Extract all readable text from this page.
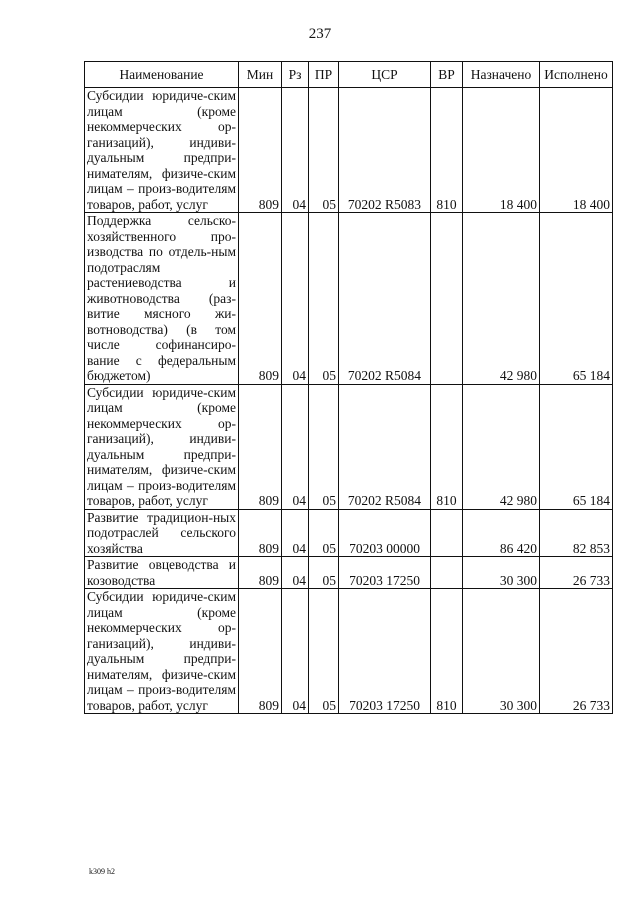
237
Наименование	Мин	Рз	ПР	ЦСР	ВР	Назначено	Исполнено
Субсидии юридиче-ским лицам (кроме некоммерческих ор-ганизаций), индиви-дуальным предпри-нимателям, физиче-ским лицам – произ-водителям товаров, работ, услуг	809	04	05	70202 R5083	810	18 400	18 400
Поддержка сельско-хозяйственного про-изводства по отдель-ным подотраслям растениеводства и животноводства (раз-витие мясного жи-вотноводства) (в том числе софинансиро-вание с федеральным бюджетом)	809	04	05	70202 R5084		42 980	65 184
Субсидии юридиче-ским лицам (кроме некоммерческих ор-ганизаций), индиви-дуальным предпри-нимателям, физиче-ским лицам – произ-водителям товаров, работ, услуг	809	04	05	70202 R5084	810	42 980	65 184
Развитие традицион-ных подотраслей сельского хозяйства	809	04	05	70203 00000		86 420	82 853
Развитие овцеводства и козоводства	809	04	05	70203 17250		30 300	26 733
Субсидии юридиче-ским лицам (кроме некоммерческих ор-ганизаций), индиви-дуальным предпри-нимателям, физиче-ским лицам – произ-водителям товаров, работ, услуг	809	04	05	70203 17250	810	30 300	26 733
k309 h2
